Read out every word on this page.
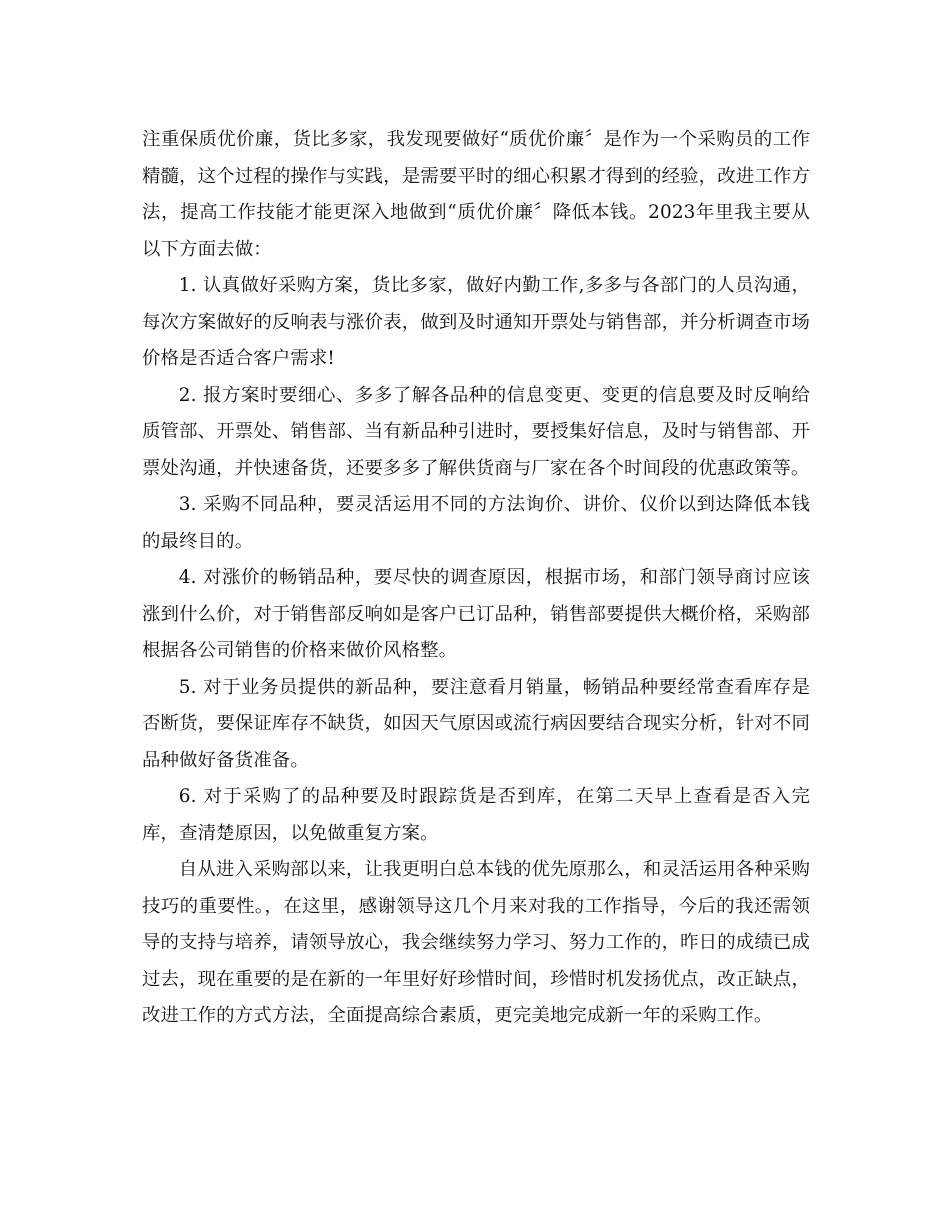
注重保质优价廉，货比多家，我发现要做好“质优价廉〞是作为一个采购员的工作精髓，这个过程的操作与实践，是需要平时的细心积累才得到的经验，改进工作方法，提高工作技能才能更深入地做到“质优价廉〞降低本钱。2023年里我主要从以下方面去做：

1. 认真做好采购方案，货比多家，做好内勤工作,多多与各部门的人员沟通，每次方案做好的反响表与涨价表，做到及时通知开票处与销售部，并分析调查市场价格是否适合客户需求!

2. 报方案时要细心、多多了解各品种的信息变更、变更的信息要及时反响给质管部、开票处、销售部、当有新品种引进时，要授集好信息，及时与销售部、开票处沟通，并快速备货，还要多多了解供货商与厂家在各个时间段的优惠政策等。

3. 采购不同品种，要灵活运用不同的方法询价、讲价、仪价以到达降低本钱的最终目的。

4. 对涨价的畅销品种，要尽快的调查原因，根据市场，和部门领导商讨应该涨到什么价，对于销售部反响如是客户已订品种，销售部要提供大概价格，采购部根据各公司销售的价格来做价风格整。

5. 对于业务员提供的新品种，要注意看月销量，畅销品种要经常查看库存是否断货，要保证库存不缺货，如因天气原因或流行病因要结合现实分析，针对不同品种做好备货准备。

6. 对于采购了的品种要及时跟踪货是否到库，在第二天早上查看是否入完库，查清楚原因，以免做重复方案。

自从进入采购部以来，让我更明白总本钱的优先原那么，和灵活运用各种采购技巧的重要性。，在这里，感谢领导这几个月来对我的工作指导，今后的我还需领导的支持与培养，请领导放心，我会继续努力学习、努力工作的，昨日的成绩已成过去，现在重要的是在新的一年里好好珍惜时间，珍惜时机发扬优点，改正缺点，改进工作的方式方法，全面提高综合素质，更完美地完成新一年的采购工作。
